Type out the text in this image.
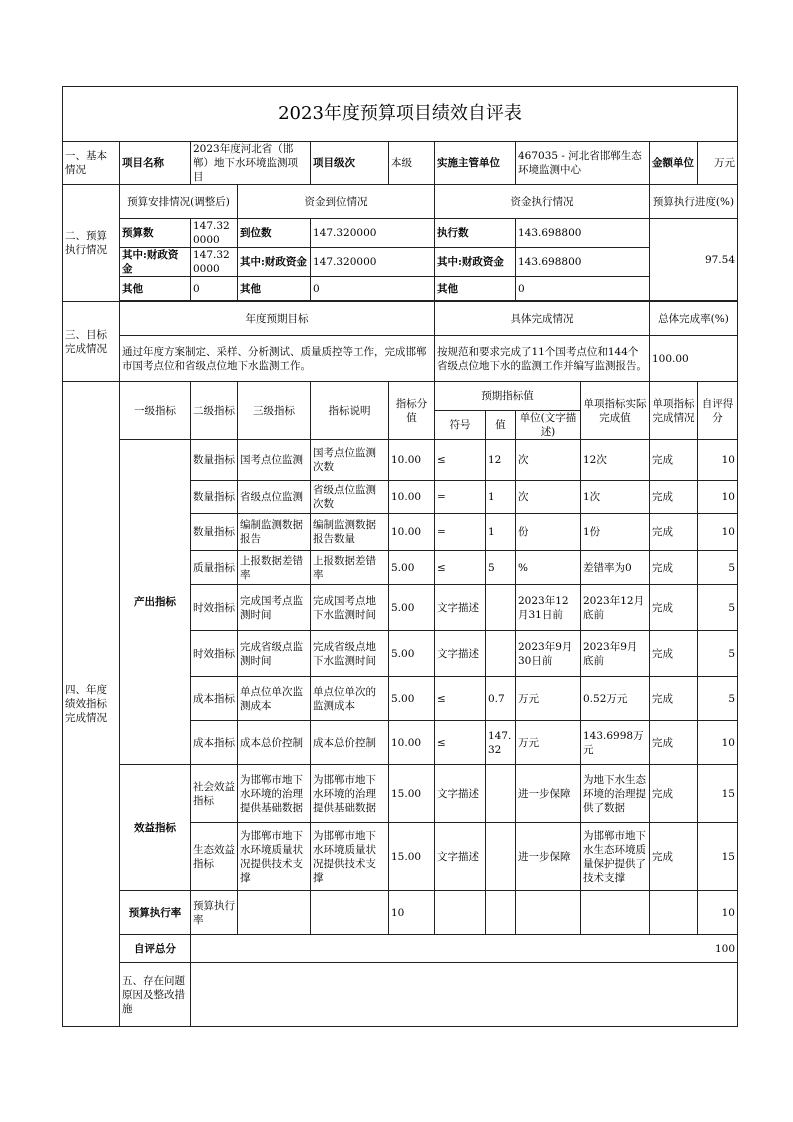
2023年度预算项目绩效自评表											
一、基本情况	项目名称	2023年度河北省（邯郸）地下水环境监测项目		项目级次	本级	实施主管单位		467035 - 河北省邯郸生态环境监测中心		金额单位	万元
二、预算执行情况	预算安排情况(调整后)		资金到位情况			资金执行情况				预算执行进度(%)	
	预算数	147.320000	到位数	147.320000		执行数		143.698800		97.54	
	其中:财政资金	147.320000	其中:财政资金	147.320000		其中:财政资金		143.698800			
	其他	0	其他	0		其他		0			

三、目标完成情况	年度预期目标					具体完成情况				总体完成率(%)	
	通过年度方案制定、采样、分析测试、质量质控等工作，完成邯郸市国考点位和省级点位地下水监测工作。					按规范和要求完成了11个国考点位和144个省级点位地下水的监测工作并编写监测报告。				100.00	
四、年度绩效指标完成情况	一级指标	二级指标	三级指标	指标说明	指标分值	预期指标值			单项指标实际完成值	单项指标完成情况	自评得分
						符号	值	单位(文字描述)			
	产出指标	数量指标	国考点位监测	国考点位监测次数	10.00	≤	12	次	12次	完成	10
		数量指标	省级点位监测	省级点位监测次数	10.00	=	1	次	1次	完成	10
		数量指标	编制监测数据报告	编制监测数据报告数量	10.00	=	1	份	1份	完成	10
		质量指标	上报数据差错率	上报数据差错率	5.00	≤	5	%	差错率为0	完成	5
		时效指标	完成国考点监测时间	完成国考点地下水监测时间	5.00	文字描述		2023年12月31日前	2023年12月底前	完成	5
		时效指标	完成省级点监测时间	完成省级点地下水监测时间	5.00	文字描述		2023年9月30日前	2023年9月底前	完成	5
		成本指标	单点位单次监测成本	单点位单次的监测成本	5.00	≤	0.7	万元	0.52万元	完成	5
		成本指标	成本总价控制	成本总价控制	10.00	≤	147.32	万元	143.6998万元	完成	10
	效益指标	社会效益指标	为邯郸市地下水环境的治理提供基础数据	为邯郸市地下水环境的治理提供基础数据	15.00	文字描述		进一步保障	为地下水生态环境的治理提供了数据	完成	15
		生态效益指标	为邯郸市地下水环境质量状况提供技术支撑	为邯郸市地下水环境质量状况提供技术支撑	15.00	文字描述		进一步保障	为邯郸市地下水生态环境质量保护提供了技术支撑	完成	15
	预算执行率	预算执行率			10						10
	自评总分	100									
	五、存在问题原因及整改措施										
